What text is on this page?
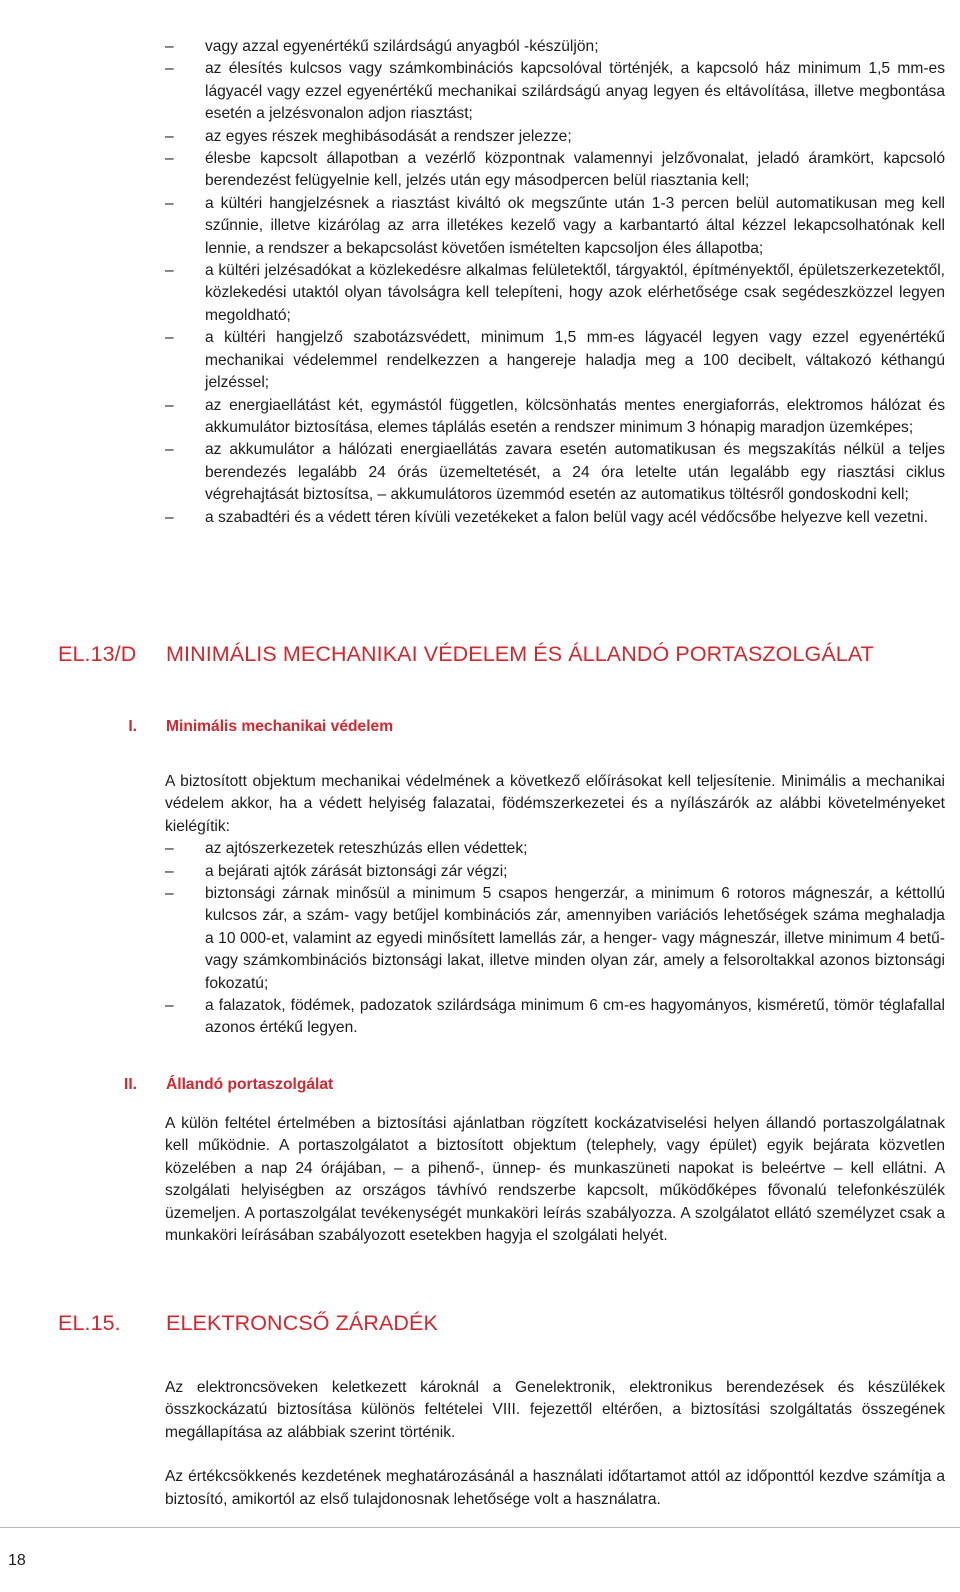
– vagy azzal egyenértékű szilárdságú anyagból -készüljön;
– az élesítés kulcsos vagy számkombinációs kapcsolóval történjék, a kapcsoló ház minimum 1,5 mm-es lágyacél vagy ezzel egyenértékű mechanikai szilárdságú anyag legyen és eltávolítása, illetve megbontása esetén a jelzésvonalon adjon riasztást;
– az egyes részek meghibásodását a rendszer jelezze;
– élesbe kapcsolt állapotban a vezérlő központnak valamennyi jelzővonalat, jeladó áramkört, kapcsoló berendezést felügyelnie kell, jelzés után egy másodpercen belül riasztania kell;
– a kültéri hangjelzésnek a riasztást kiváltó ok megszűnte után 1-3 percen belül automatikusan meg kell szűnnie, illetve kizárólag az arra illetékes kezelő vagy a karbantartó által kézzel lekapcsolhatónak kell lennie, a rendszer a bekapcsolást követően ismételten kapcsoljon éles állapotba;
– a kültéri jelzésadókat a közlekedésre alkalmas felületektől, tárgyaktól, építményektől, épületszerkezetektől, közlekedési utaktól olyan távolságra kell telepíteni, hogy azok elérhetősége csak segédeszközzel legyen megoldható;
– a kültéri hangjelző szabotázsvédett, minimum 1,5 mm-es lágyacél legyen vagy ezzel egyenértékű mechanikai védelemmel rendelkezzen a hangereje haladja meg a 100 decibelt, váltakozó kéthangú jelzéssel;
– az energiaellátást két, egymástól független, kölcsönhatás mentes energiaforrás, elektromos hálózat és akkumulátor biztosítása, elemes táplálás esetén a rendszer minimum 3 hónapig maradjon üzemképes;
– az akkumulátor a hálózati energiaellátás zavara esetén automatikusan és megszakítás nélkül a teljes berendezés legalább 24 órás üzemeltetését, a 24 óra letelte után legalább egy riasztási ciklus végrehajtását biztosítsa, – akkumulátoros üzemmód esetén az automatikus töltésről gondoskodni kell;
– a szabadtéri és a védett téren kívüli vezetékeket a falon belül vagy acél védőcsőbe helyezve kell vezetni.
EL.13/D	MINIMÁLIS MECHANIKAI VÉDELEM ÉS ÁLLANDÓ PORTASZOLGÁLAT
I.	Minimális mechanikai védelem

A biztosított objektum mechanikai védelmének a következő előírásokat kell teljesítenie. Minimális a mechanikai védelem akkor, ha a védett helyiség falazatai, födémszerkezetei és a nyílászárók az alábbi követelményeket kielégítik:

– az ajtószerkezetek reteszhúzás ellen védettek;
– a bejárati ajtók zárását biztonsági zár végzi;
– biztonsági zárnak minősül a minimum 5 csapos hengerzár, a minimum 6 rotoros mágneszár, a kéttollú kulcsos zár, a szám- vagy betűjel kombinációs zár, amennyiben variációs lehetőségek száma meghaladja a 10 000-et, valamint az egyedi minősített lamellás zár, a henger- vagy mágneszár, illetve minimum 4 betű- vagy számkombinációs biztonsági lakat, illetve minden olyan zár, amely a felsoroltakkal azonos biztonsági fokozatú;
– a falazatok, födémek, padozatok szilárdsága minimum 6 cm-es hagyományos, kisméretű, tömör téglafallal azonos értékű legyen.
II.	Állandó portaszolgálat

A külön feltétel értelmében a biztosítási ajánlatban rögzített kockázatviselési helyen állandó portaszolgálatnak kell működnie. A portaszolgálatot a biztosított objektum (telephely, vagy épület) egyik bejárata közvetlen közelében a nap 24 órájában, – a pihenő-, ünnep- és munkaszüneti napokat is beleértve – kell ellátni. A szolgálati helyiségben az országos távhívó rendszerbe kapcsolt, működőképes fővonalú telefonkészülék üzemeljen. A portaszolgálat tevékenységét munkaköri leírás szabályozza. A szolgálatot ellátó személyzet csak a munkaköri leírásában szabályozott esetekben hagyja el szolgálati helyét.

EL.15.	ELEKTRONCSŐ ZÁRADÉK

Az elektroncsöveken keletkezett károknál a Genelektronik, elektronikus berendezések és készülékek összkockázatú biztosítása különös feltételei VIII. fejezettől eltérően, a biztosítási szolgáltatás összegének megállapítása az alábbiak szerint történik.

Az értékcsökkenés kezdetének meghatározásánál a használati időtartamot attól az időponttól kezdve számítja a biztosító, amikortól az első tulajdonosnak lehetősége volt a használatra.

18
